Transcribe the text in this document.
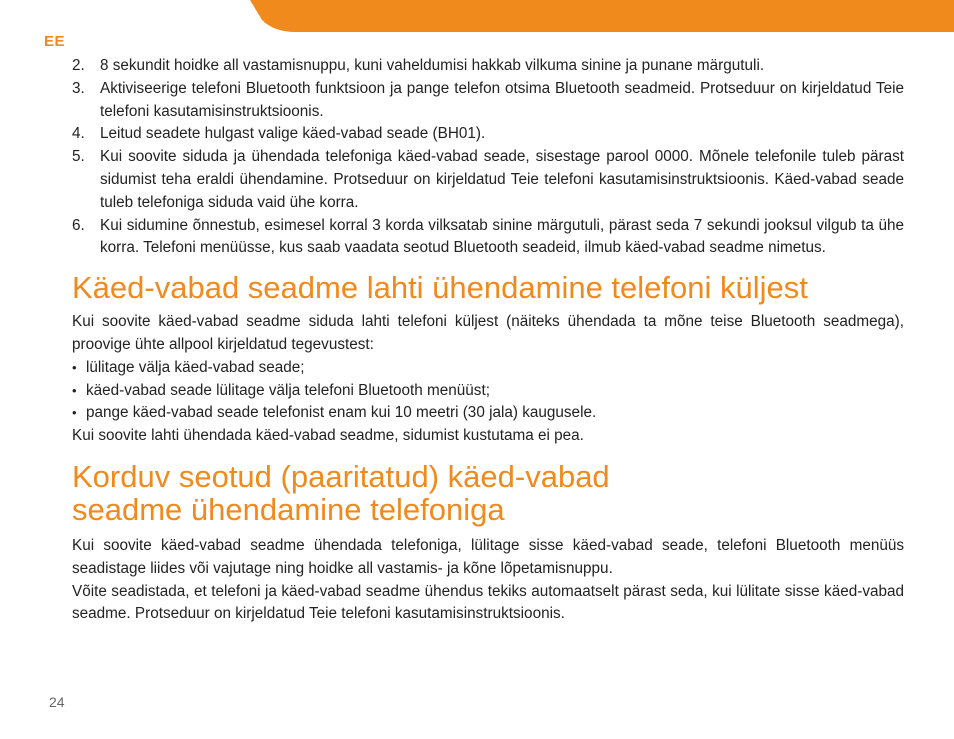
EE
2. 8 sekundit hoidke all vastamisnuppu, kuni vaheldumisi hakkab vilkuma sinine ja punane märgutuli.
3. Aktiviseerige telefoni Bluetooth funktsioon ja pange telefon otsima Bluetooth seadmeid. Protseduur on kirjeldatud Teie telefoni kasutamisinstruktsioonis.
4. Leitud seadete hulgast valige käed-vabad seade (BH01).
5. Kui soovite siduda ja ühendada telefoniga käed-vabad seade, sisestage parool 0000. Mõnele telefonile tuleb pärast sidumist teha eraldi ühendamine. Protseduur on kirjeldatud Teie telefoni kasutamisinstruktsioonis. Käed-vabad seade tuleb telefoniga siduda vaid ühe korra.
6. Kui sidumine õnnestub, esimesel korral 3 korda vilksatab sinine märgutuli, pärast seda 7 sekundi jooksul vilgub ta ühe korra. Telefoni menüüsse, kus saab vaadata seotud Bluetooth seadeid, ilmub käed-vabad seadme nimetus.
Käed-vabad seadme lahti ühendamine telefoni küljest

Kui soovite käed-vabad seadme siduda lahti telefoni küljest (näiteks ühendada ta mõne teise Bluetooth seadmega), proovige ühte allpool kirjeldatud tegevustest:

• lülitage välja käed-vabad seade;
• käed-vabad seade lülitage välja telefoni Bluetooth menüüst;
• pange käed-vabad seade telefonist enam kui 10 meetri (30 jala) kaugusele.

Kui soovite lahti ühendada käed-vabad seadme, sidumist kustutama ei pea.

Korduv seotud (paaritatud) käed-vabad
seadme ühendamine telefoniga

Kui soovite käed-vabad seadme ühendada telefoniga, lülitage sisse käed-vabad seade, telefoni Bluetooth menüüs seadistage liides või vajutage ning hoidke all vastamis- ja kõne lõpetamisnuppu.

Võite seadistada, et telefoni ja käed-vabad seadme ühendus tekiks automaatselt pärast seda, kui lülitate sisse käed-vabad seadme. Protseduur on kirjeldatud Teie telefoni kasutamisinstruktsioonis.

24
